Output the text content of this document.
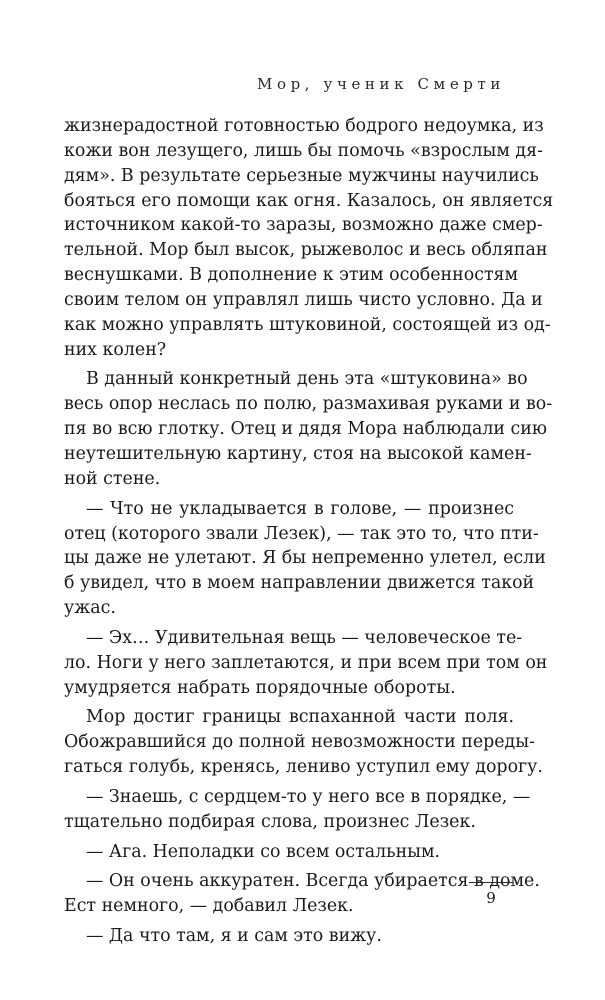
Мор, ученик Смерти
жизнерадостной готовностью бодрого недоумка, из
кожи вон лезущего, лишь бы помочь «взрослым дя-
дям». В результате серьезные мужчины научились
бояться его помощи как огня. Казалось, он является
источником какой-то заразы, возможно даже смер-
тельной. Мор был высок, рыжеволос и весь обляпан
веснушками. В дополнение к этим особенностям
своим телом он управлял лишь чисто условно. Да и
как можно управлять штуковиной, состоящей из од-
них колен?
В данный конкретный день эта «штуковина» во
весь опор неслась по полю, размахивая руками и во-
пя во всю глотку. Отец и дядя Мора наблюдали сию
неутешительную картину, стоя на высокой камен-
ной стене.
— Что не укладывается в голове, — произнес
отец (которого звали Лезек), — так это то, что пти-
цы даже не улетают. Я бы непременно улетел, если
б увидел, что в моем направлении движется такой
ужас.
— Эх… Удивительная вещь — человеческое те-
ло. Ноги у него заплетаются, и при всем при том он
умудряется набрать порядочные обороты.
Мор достиг границы вспаханной части поля.
Обожравшийся до полной невозможности переды-
гаться голубь, кренясь, лениво уступил ему дорогу.
— Знаешь, с сердцем-то у него все в порядке, —
тщательно подбирая слова, произнес Лезек.
— Ага. Неполадки со всем остальным.
— Он очень аккуратен. Всегда убирается в доме.
Ест немного, — добавил Лезек.
— Да что там, я и сам это вижу.
9
